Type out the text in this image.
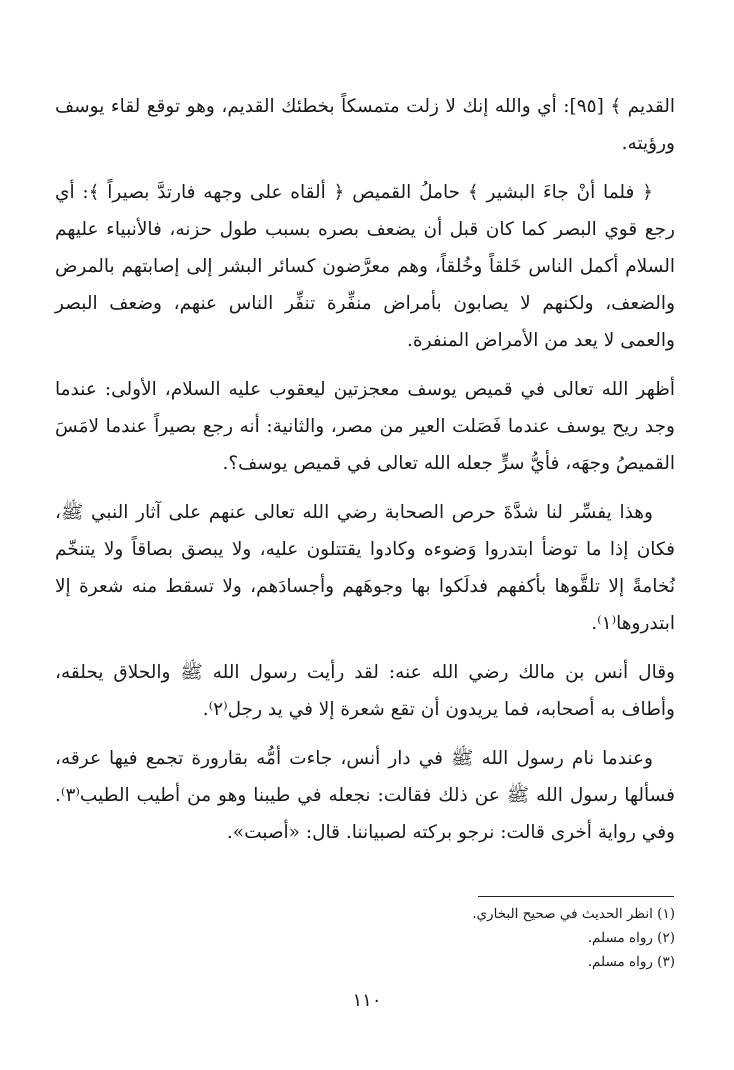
القديم ﴾ [٩٥]: أي والله إنك لا زلت متمسكاً بخطئك القديم، وهو توقع لقاء يوسف ورؤيته.

﴿ فلما أنْ جاءَ البشير ﴾ حاملُ القميص ﴿ ألقاه على وجهه فارتدَّ بصيراً ﴾: أي رجع قوي البصر كما كان قبل أن يضعف بصره بسبب طول حزنه، فالأنبياء عليهم السلام أكمل الناس خَلقاً وخُلقاً، وهم معرَّضون كسائر البشر إلى إصابتهم بالمرض والضعف، ولكنهم لا يصابون بأمراض منفِّرة تنفِّر الناس عنهم، وضعف البصر والعمى لا يعد من الأمراض المنفرة.

أظهر الله تعالى في قميص يوسف معجزتين ليعقوب عليه السلام، الأولى: عندما وجد ريح يوسف عندما فَصَلت العير من مصر، والثانية: أنه رجع بصيراً عندما لامَسَ القميصُ وجهَه، فأيُّ سرٍّ جعله الله تعالى في قميص يوسف؟.

وهذا يفسِّر لنا شدَّةَ حرص الصحابة رضي الله تعالى عنهم على آثار النبي ﷺ، فكان إذا ما توضأ ابتدروا وَضوءه وكادوا يقتتلون عليه، ولا يبصق بصاقاً ولا يتنخّم نُخامةً إلا تلقَّوها بأكفهم فدلَكوا بها وجوهَهم وأجسادَهم، ولا تسقط منه شعرة إلا ابتدروها⁽١⁾.

وقال أنس بن مالك رضي الله عنه: لقد رأيت رسول الله ﷺ والحلاق يحلقه، وأطاف به أصحابه، فما يريدون أن تقع شعرة إلا في يد رجل⁽٢⁾.

وعندما نام رسول الله ﷺ في دار أنس، جاءت أمُّه بقارورة تجمع فيها عرقه، فسألها رسول الله ﷺ عن ذلك فقالت: نجعله في طيبنا وهو من أطيب الطيب⁽٣⁾. وفي رواية أخرى قالت: نرجو بركته لصبياننا. قال: «أصبت».

(١) انظر الحديث في صحيح البخاري.
(٢) رواه مسلم.
(٣) رواه مسلم.
١١٠
